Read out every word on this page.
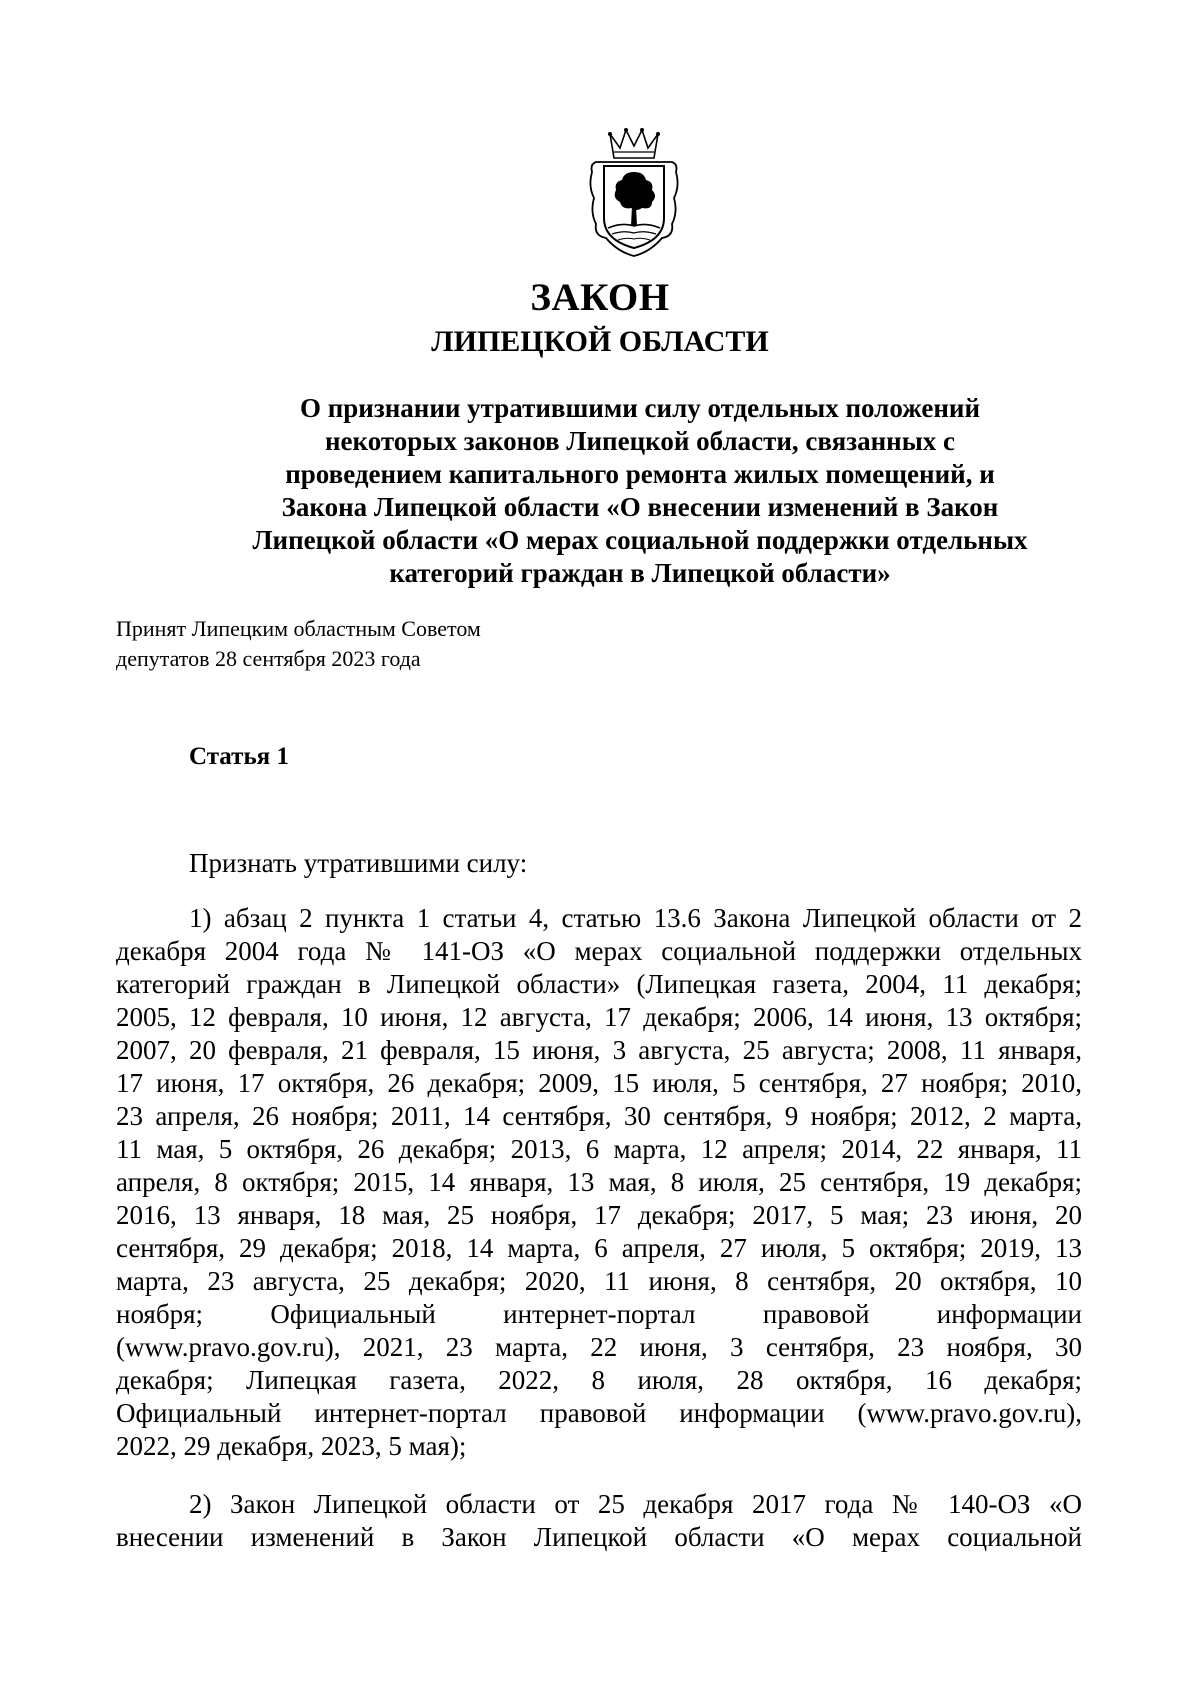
ЗАКОН
ЛИПЕЦКОЙ ОБЛАСТИ
О признании утратившими силу отдельных положений
некоторых законов Липецкой области, связанных с
проведением капитального ремонта жилых помещений, и
Закона Липецкой области «О внесении изменений в Закон
Липецкой области «О мерах социальной поддержки отдельных
категорий граждан в Липецкой области»
Принят Липецким областным Советом
депутатов 28 сентября 2023 года
Статья 1
Признать утратившими силу:
1) абзац 2 пункта 1 статьи 4, статью 13.6 Закона Липецкой области от 2
декабря 2004 года № 141-ОЗ «О мерах социальной поддержки отдельных
категорий граждан в Липецкой области» (Липецкая газета, 2004, 11 декабря;
2005, 12 февраля, 10 июня, 12 августа, 17 декабря; 2006, 14 июня, 13 октября;
2007, 20 февраля, 21 февраля, 15 июня, 3 августа, 25 августа; 2008, 11 января,
17 июня, 17 октября, 26 декабря; 2009, 15 июля, 5 сентября, 27 ноября; 2010,
23 апреля, 26 ноября; 2011, 14 сентября, 30 сентября, 9 ноября; 2012, 2 марта,
11 мая, 5 октября, 26 декабря; 2013, 6 марта, 12 апреля; 2014, 22 января, 11
апреля, 8 октября; 2015, 14 января, 13 мая, 8 июля, 25 сентября, 19 декабря;
2016, 13 января, 18 мая, 25 ноября, 17 декабря; 2017, 5 мая; 23 июня, 20
сентября, 29 декабря; 2018, 14 марта, 6 апреля, 27 июля, 5 октября; 2019, 13
марта, 23 августа, 25 декабря; 2020, 11 июня, 8 сентября, 20 октября, 10
ноября; Официальный интернет-портал правовой информации
(www.pravo.gov.ru), 2021, 23 марта, 22 июня, 3 сентября, 23 ноября, 30
декабря; Липецкая газета, 2022, 8 июля, 28 октября, 16 декабря;
Официальный интернет-портал правовой информации (www.pravo.gov.ru),
2022, 29 декабря, 2023, 5 мая);
2) Закон Липецкой области от 25 декабря 2017 года № 140-ОЗ «О
внесении изменений в Закон Липецкой области «О мерах социальной
